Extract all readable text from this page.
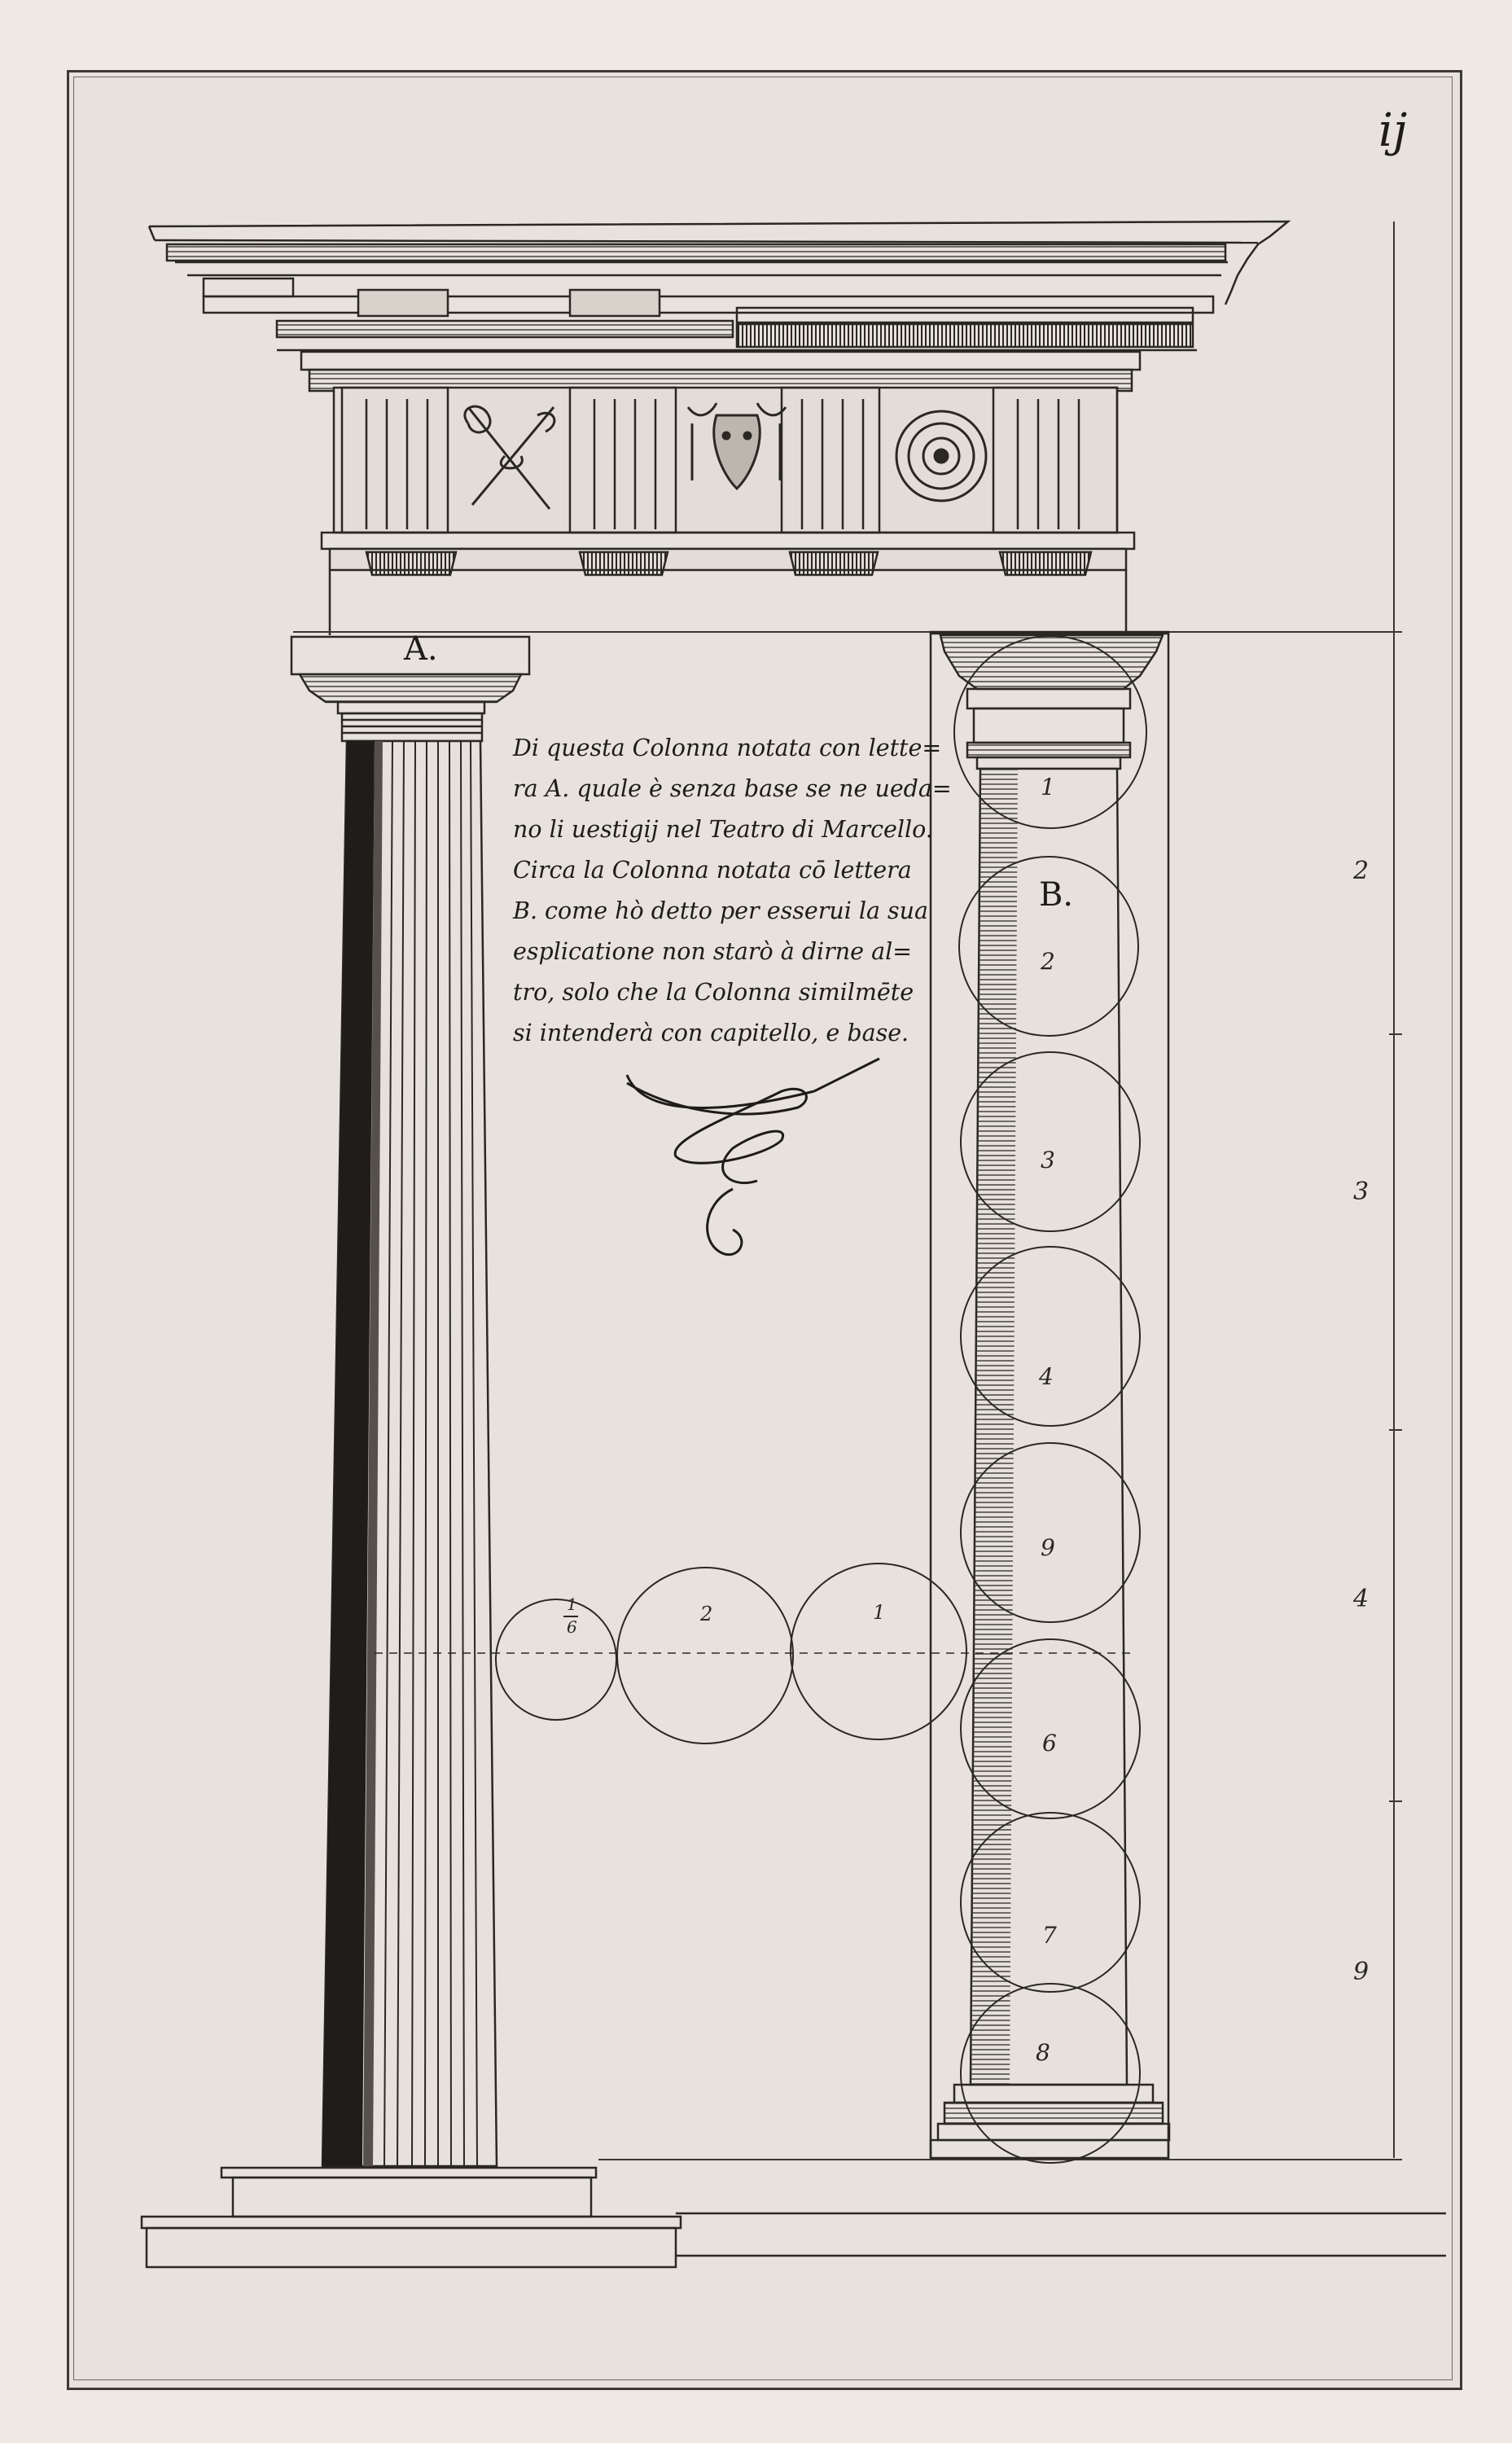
ij
A.
B.
Di questa Colonna notata con lette=
ra A. quale è senza base se ne ueda=
no li uestigij nel Teatro di Marcello.
Circa la Colonna notata cō lettera
B. come hò detto per esserui la sua
esplicatione non starò à dirne al=
tro, solo che la Colonna similmēte
si intenderà con capitello, e base.
1
2
3
4
9
6
7
8
1
2
1
6
2
3
4
9
